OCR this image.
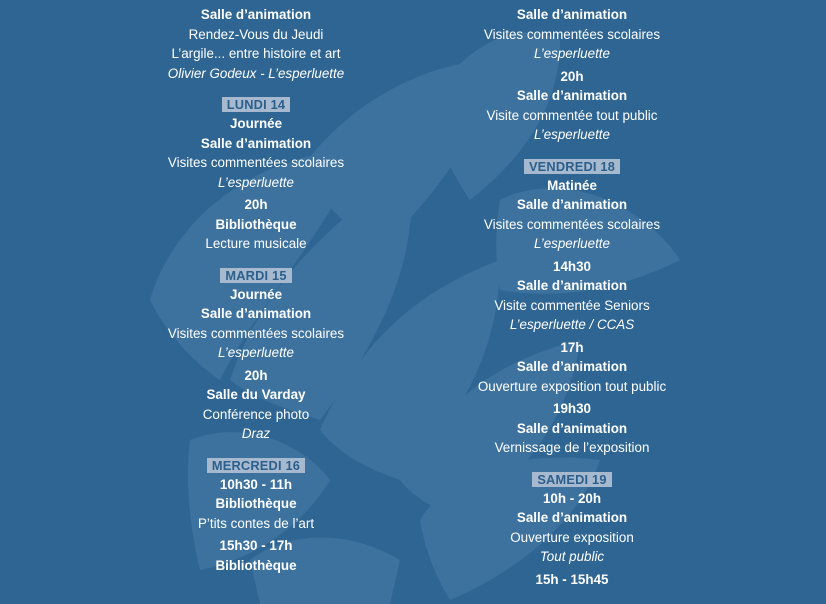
Salle d’animation
Rendez-Vous du Jeudi
L’argile... entre histoire et art
Olivier Godeux - L’esperluette
LUNDI 14
Journée
Salle d’animation
Visites commentées scolaires
L’esperluette
20h
Bibliothèque
Lecture musicale
MARDI 15
Journée
Salle d’animation
Visites commentées scolaires
L’esperluette
20h
Salle du Varday
Conférence photo
Draz
MERCREDI 16
10h30 - 11h
Bibliothèque
P’tits contes de l’art
15h30 - 17h
Bibliothèque
Salle d’animation
Visites commentées scolaires
L’esperluette
20h
Salle d’animation
Visite commentée tout public
L’esperluette
VENDREDI 18
Matinée
Salle d’animation
Visites commentées scolaires
L’esperluette
14h30
Salle d’animation
Visite commentée Seniors
L’esperluette / CCAS
17h
Salle d’animation
Ouverture exposition tout public
19h30
Salle d’animation
Vernissage de l’exposition
SAMEDI 19
10h - 20h
Salle d’animation
Ouverture exposition
Tout public
15h - 15h45
